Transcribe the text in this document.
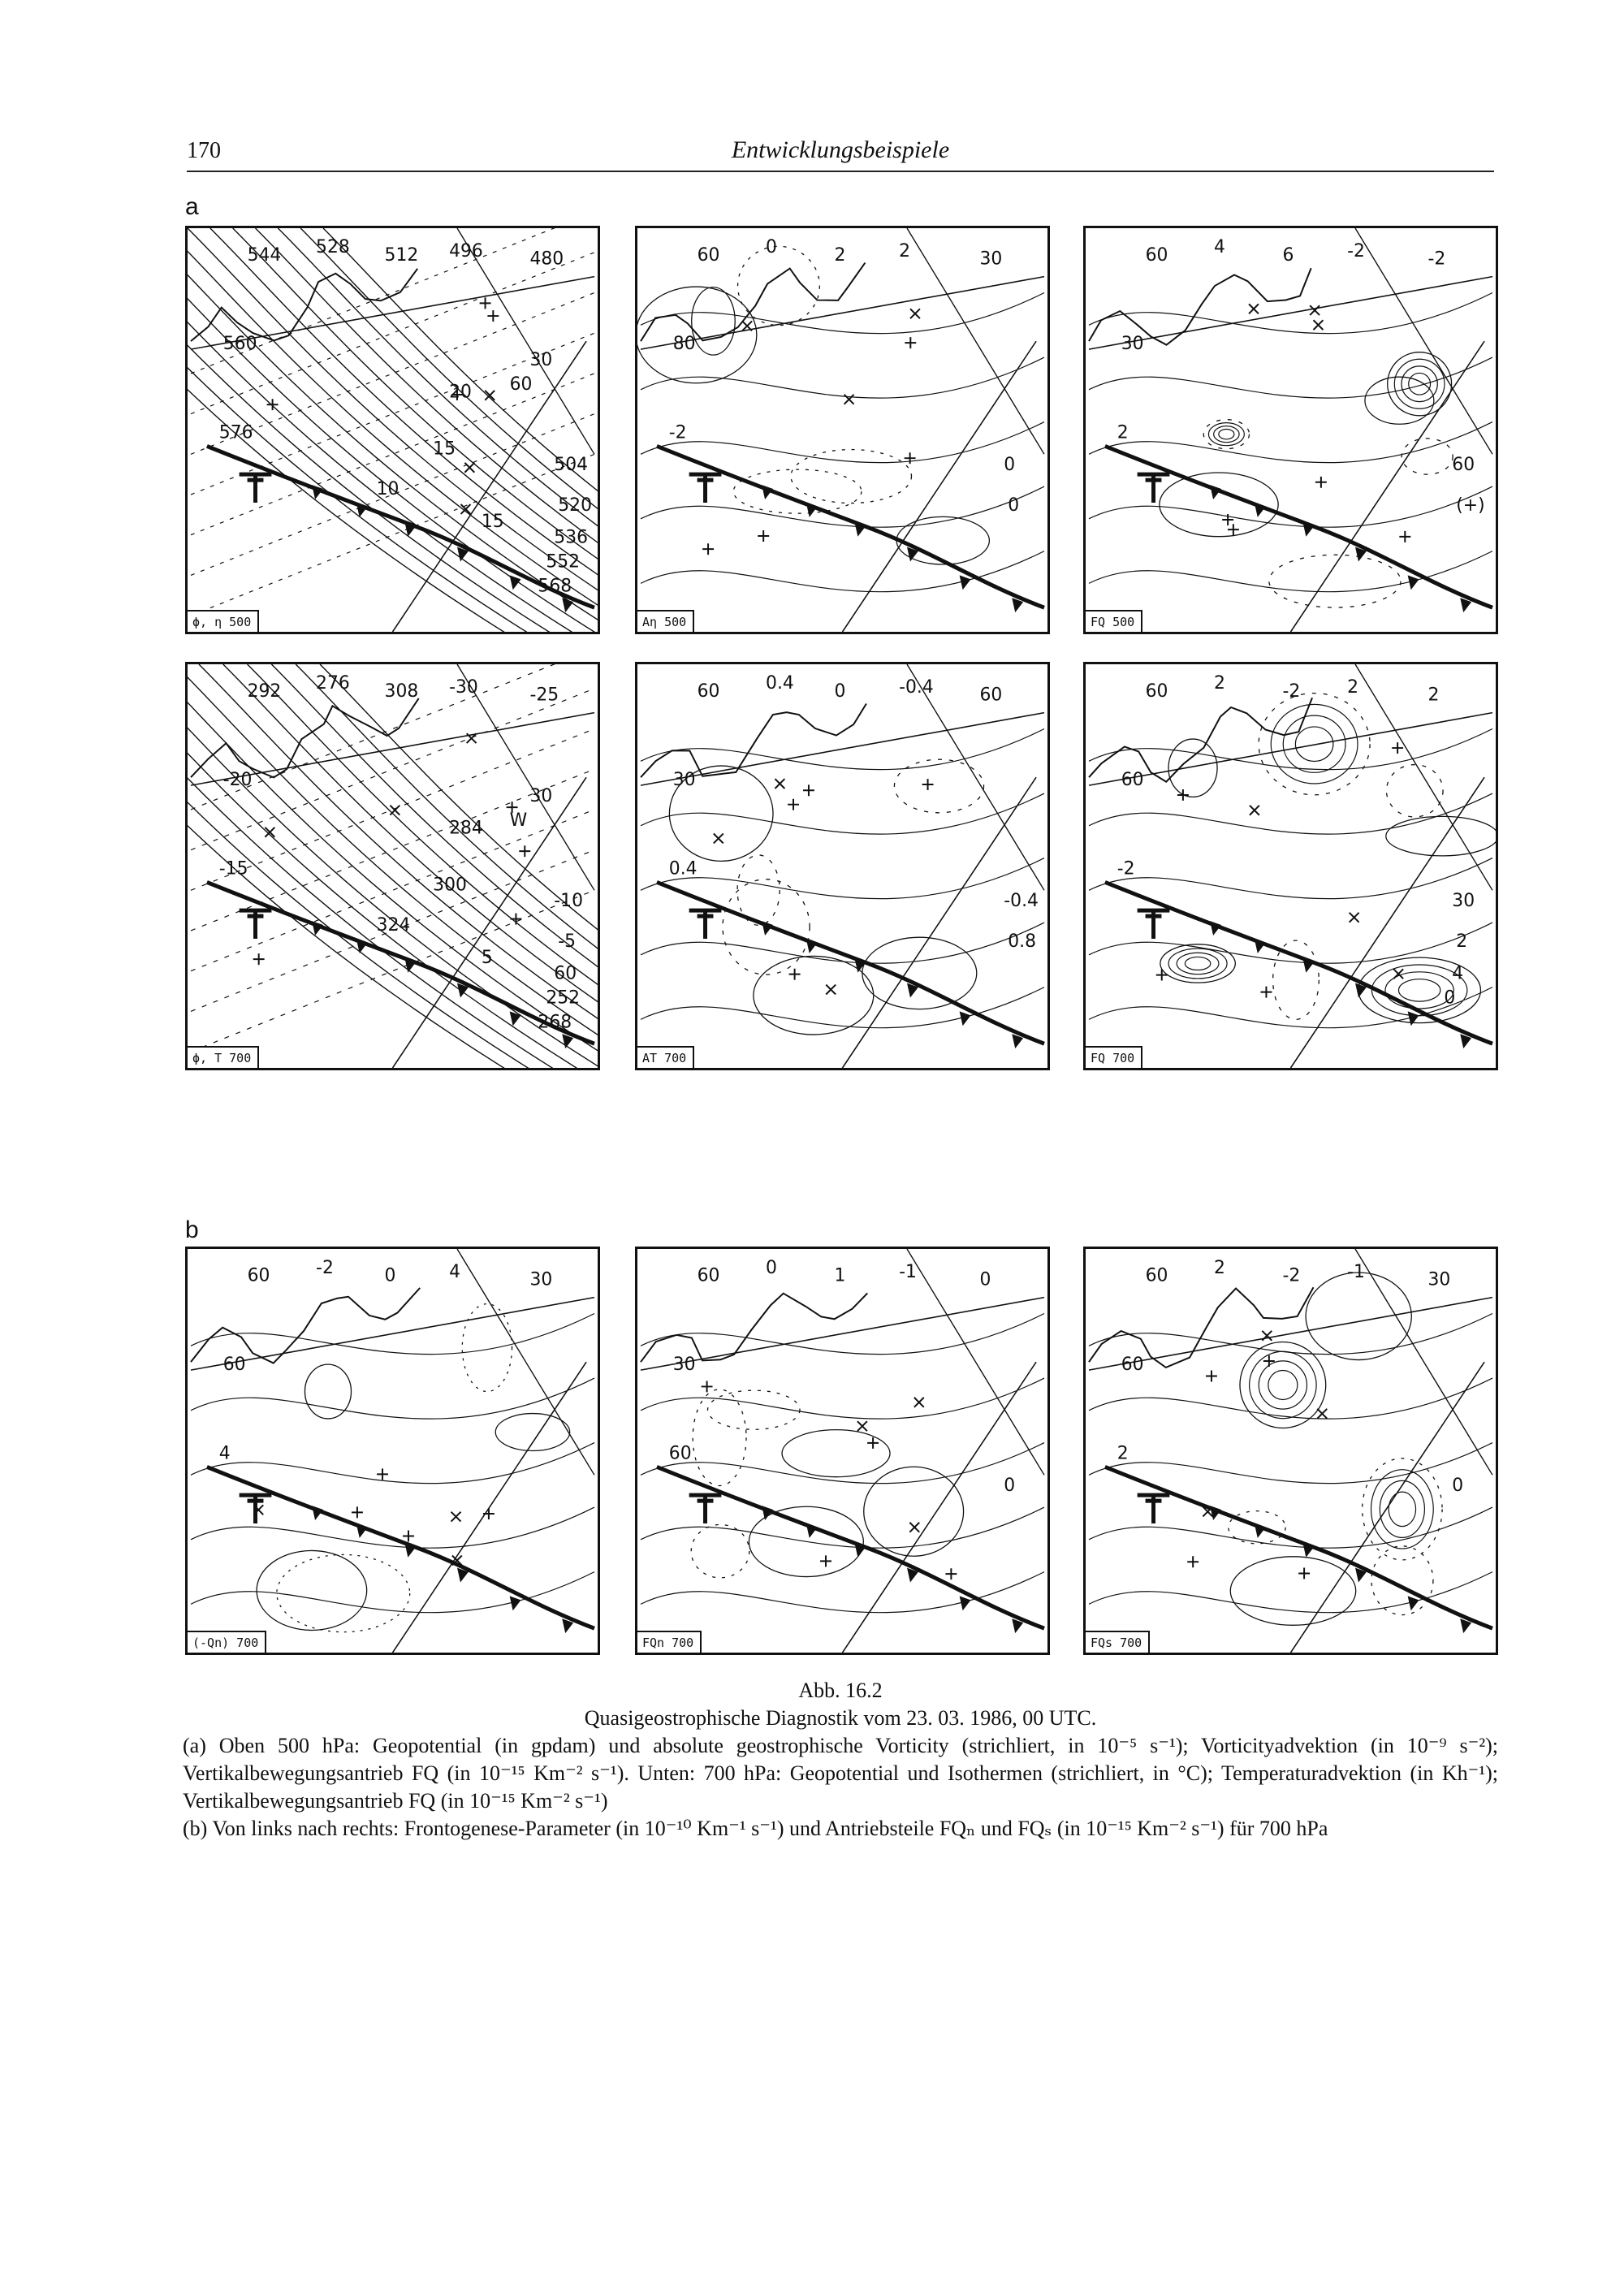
170	Entwicklungsbeispiele
a
b
544 528 512 496	480
560
576
504
520
536
552
568
20
15
10
15
60
30
ϕ, η 500
60	0	2	2	30
80
-2
0
0
Aη 500
60	4	6	-2	-2
30
2
60
(+)
FQ 500
292 276 308 -30	-25
-20
-15
-10
-5
60
252
268
284
300
324
5
W
30
ϕ, T 700
60	0.4 0	-0.4	60
30
0.4
-0.4
0.8
AT 700
60	2	-2	2	2
60
-2
30
2
4
0
FQ 700
60	-2	0	4	30
60
4
(-Qn) 700
60	0	1	-1	0
30
60
0
FQn 700
60	2	-2	-1	30
60
2
0
FQs 700
Abb. 16.2
Quasigeostrophische Diagnostik vom 23. 03. 1986, 00 UTC.
(a) Oben 500 hPa: Geopotential (in gpdam) und absolute geostrophische Vorticity (strichliert, in 10⁻⁵ s⁻¹); Vorticityadvektion (in 10⁻⁹ s⁻²); Vertikalbewegungsantrieb FQ (in 10⁻¹⁵ Km⁻² s⁻¹). Unten: 700 hPa: Geopotential und Isothermen (strichliert, in °C); Temperaturadvektion (in Kh⁻¹); Vertikalbewegungsantrieb FQ (in 10⁻¹⁵ Km⁻² s⁻¹)
(b) Von links nach rechts: Frontogenese-Parameter (in 10⁻¹⁰ Km⁻¹ s⁻¹) und Antriebsteile FQₙ und FQₛ (in 10⁻¹⁵ Km⁻² s⁻¹) für 700 hPa
